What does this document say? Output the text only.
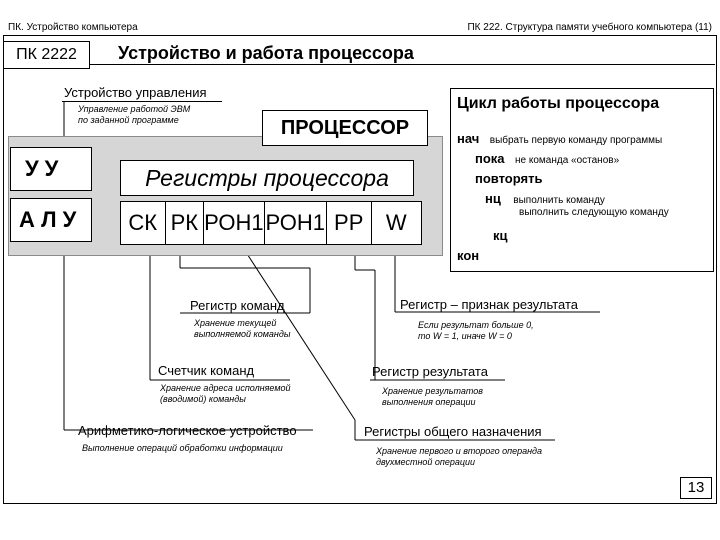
ПК. Устройство компьютера	ПК 222. Структура памяти учебного компьютера (11)
ПК 2222	Устройство и работа процессора
Устройство управления
Управление работой ЭВМ
по заданной программе	ПРОЦЕССОР
УУ
АЛУ
Регистры процессора
СК РК РОН1 РОН1 РР	W
Цикл работы процессора
нач выбрать первую команду программы
пока не команда «останов»
повторять
нц выполнить команду
выполнить следующую команду
кц
кон
Регистр команд
Хранение текущей
выполняемой команды
Счетчик команд
Хранение адреса исполняемой
(вводимой) команды
Арифметико-логическое устройство
Выполнение операций обработки информации
Регистр – признак результата
Если результат больше 0,
то W = 1, иначе W = 0
Регистр результата
Хранение результатов
выполнения операции
Регистры общего назначения
Хранение первого и второго операнда
двухместной операции
13
